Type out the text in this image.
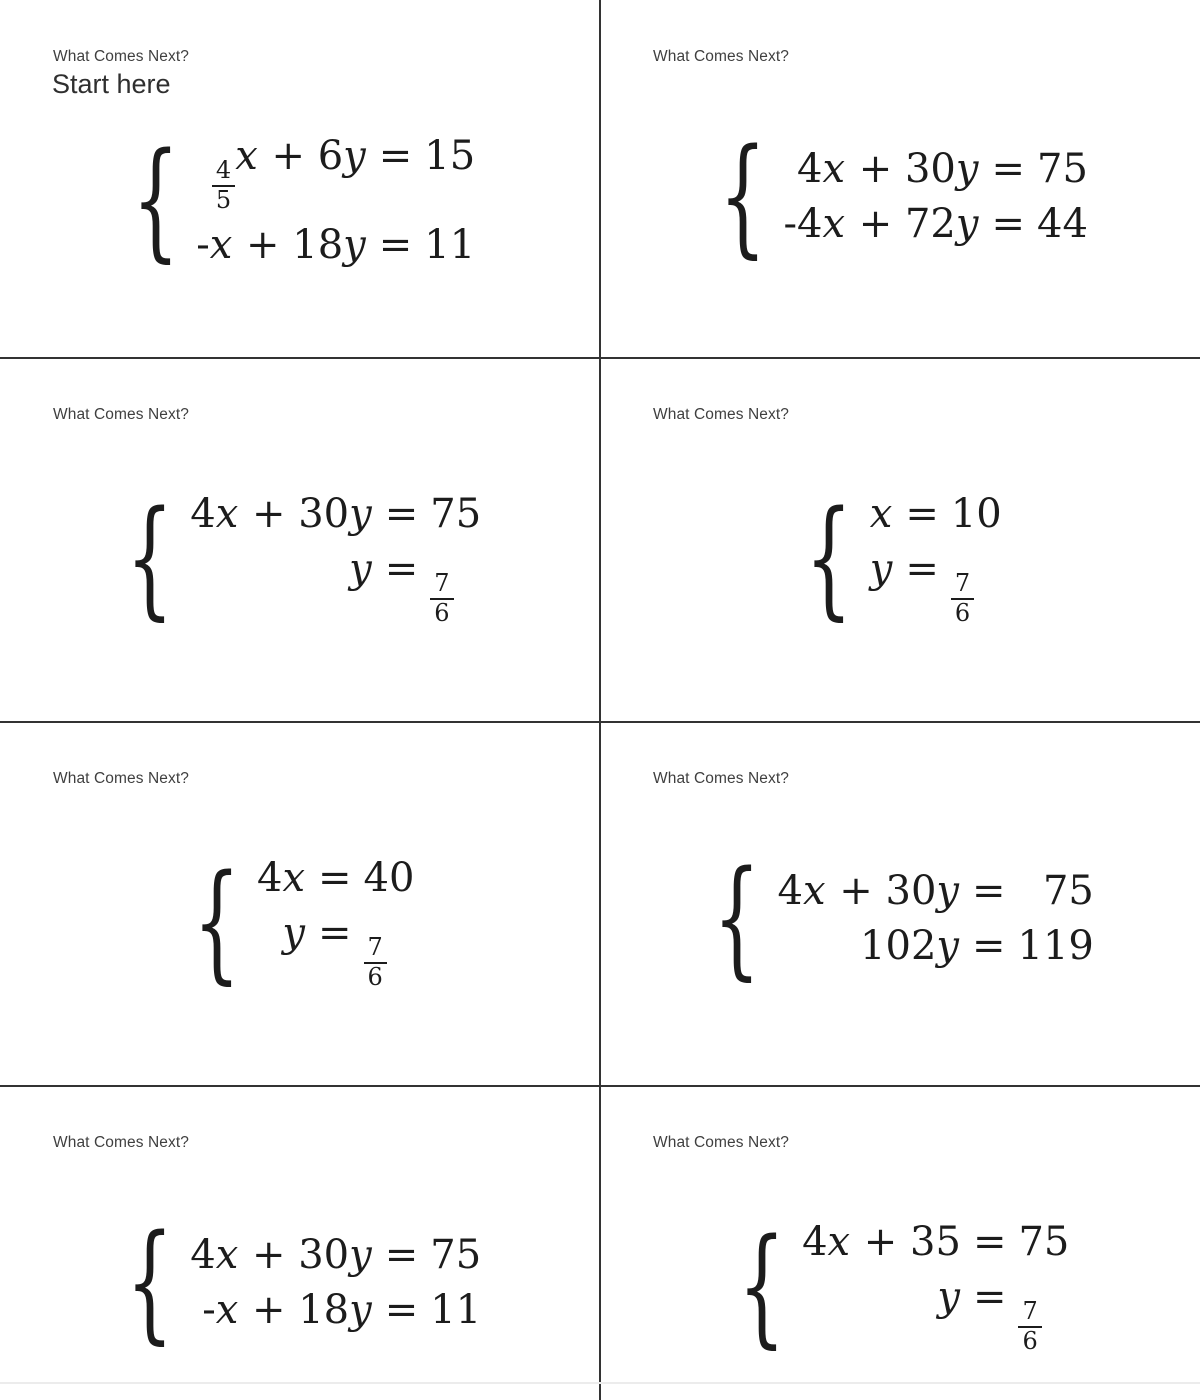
What Comes Next?
Start here
{ $\frac{4}{5}$
x + 6y = 15
-x + 18y = 11
What Comes Next?
{ 4x + 30y = 75
-4x + 72y = 44
What Comes Next?
{ 4x + 30y = 75
y =
$\frac{7}{6}$
What Comes Next?
{ x = 10
y =
$\frac{7}{6}$
What Comes Next?
{ 4x = 40
y =
$\frac{7}{6}$
What Comes Next?
{ 4x + 30y = 75
102y = 119
What Comes Next?
{ 4x + 30y = 75
-x + 18y = 11
What Comes Next?
{ 4x + 35 = 75
y =
$\frac{7}{6}$
